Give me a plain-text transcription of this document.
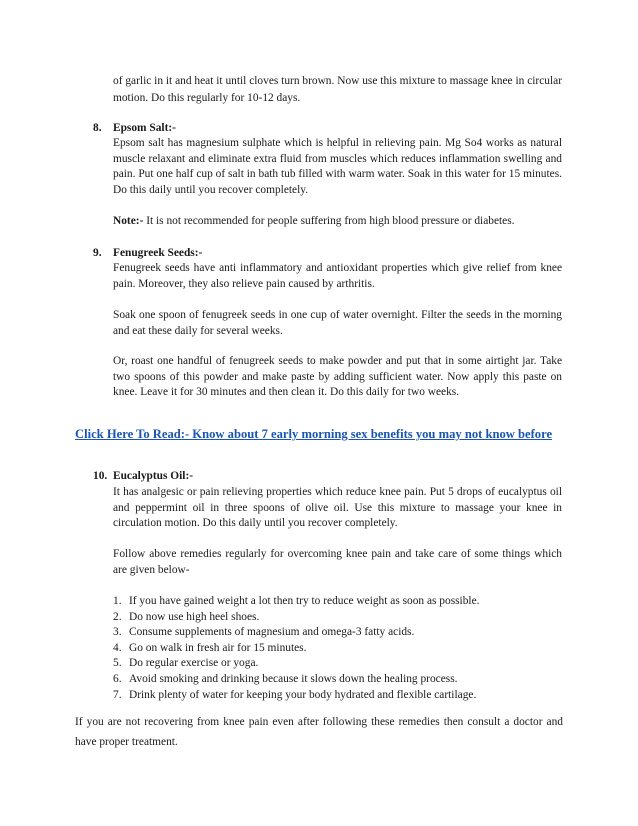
of garlic in it and heat it until cloves turn brown. Now use this mixture to massage knee in circular motion. Do this regularly for 10-12 days.

8. Epsom Salt:-

Epsom salt has magnesium sulphate which is helpful in relieving pain. Mg So4 works as natural muscle relaxant and eliminate extra fluid from muscles which reduces inflammation swelling and pain. Put one half cup of salt in bath tub filled with warm water. Soak in this water for 15 minutes. Do this daily until you recover completely.

Note:- It is not recommended for people suffering from high blood pressure or diabetes.

9. Fenugreek Seeds:-

Fenugreek seeds have anti inflammatory and antioxidant properties which give relief from knee pain. Moreover, they also relieve pain caused by arthritis.

Soak one spoon of fenugreek seeds in one cup of water overnight. Filter the seeds in the morning and eat these daily for several weeks.

Or, roast one handful of fenugreek seeds to make powder and put that in some airtight jar. Take two spoons of this powder and make paste by adding sufficient water. Now apply this paste on knee. Leave it for 30 minutes and then clean it. Do this daily for two weeks.

Click Here To Read:- Know about 7 early morning sex benefits you may not know before
10. Eucalyptus Oil:-

It has analgesic or pain relieving properties which reduce knee pain. Put 5 drops of eucalyptus oil and peppermint oil in three spoons of olive oil. Use this mixture to massage your knee in circulation motion. Do this daily until you recover completely.

Follow above remedies regularly for overcoming knee pain and take care of some things which are given below-

1. If you have gained weight a lot then try to reduce weight as soon as possible.
2. Do now use high heel shoes.
3. Consume supplements of magnesium and omega-3 fatty acids.
4. Go on walk in fresh air for 15 minutes.
5. Do regular exercise or yoga.
6. Avoid smoking and drinking because it slows down the healing process.
7. Drink plenty of water for keeping your body hydrated and flexible cartilage.

If you are not recovering from knee pain even after following these remedies then consult a doctor and have proper treatment.
